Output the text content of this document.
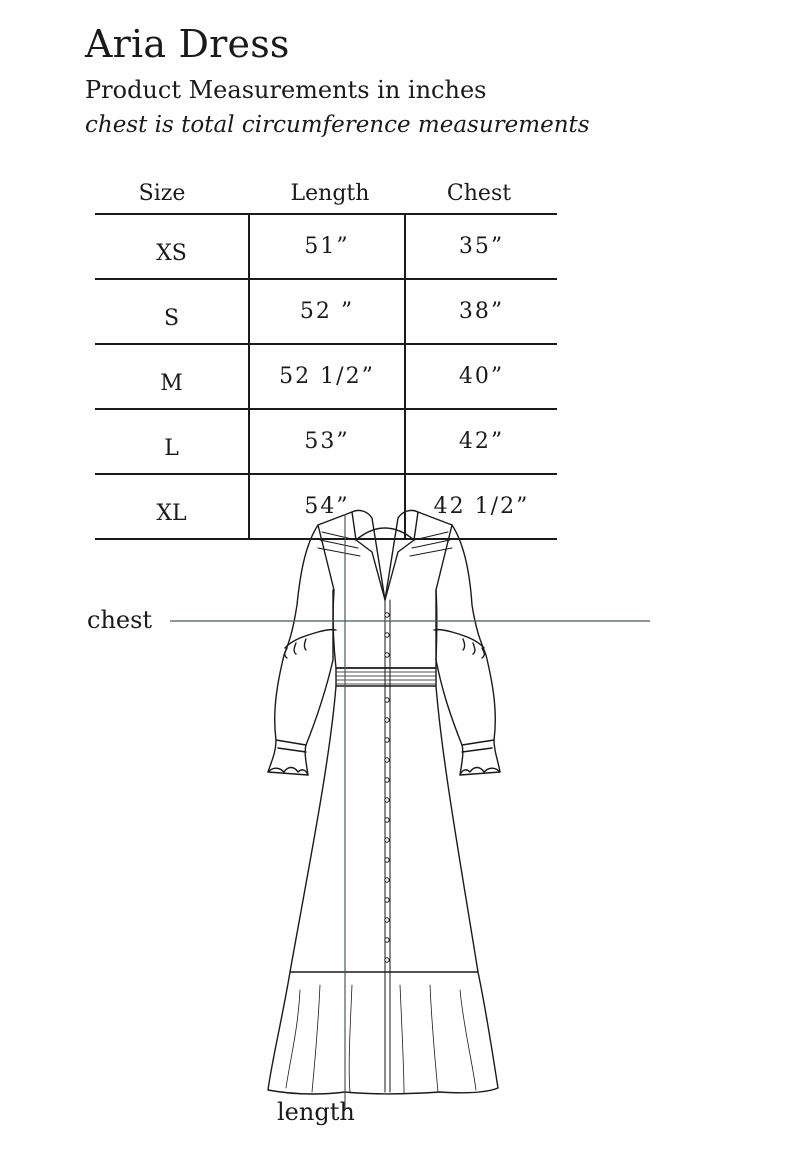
Aria Dress
Product Measurements in inches
chest is total circumference measurements
Size	Length	Chest
XS	51”	35”
S	52 ”	38”
M	52 1/2”	40”
L	53”	42”
XL	54”	42 1/2”
chest
length
